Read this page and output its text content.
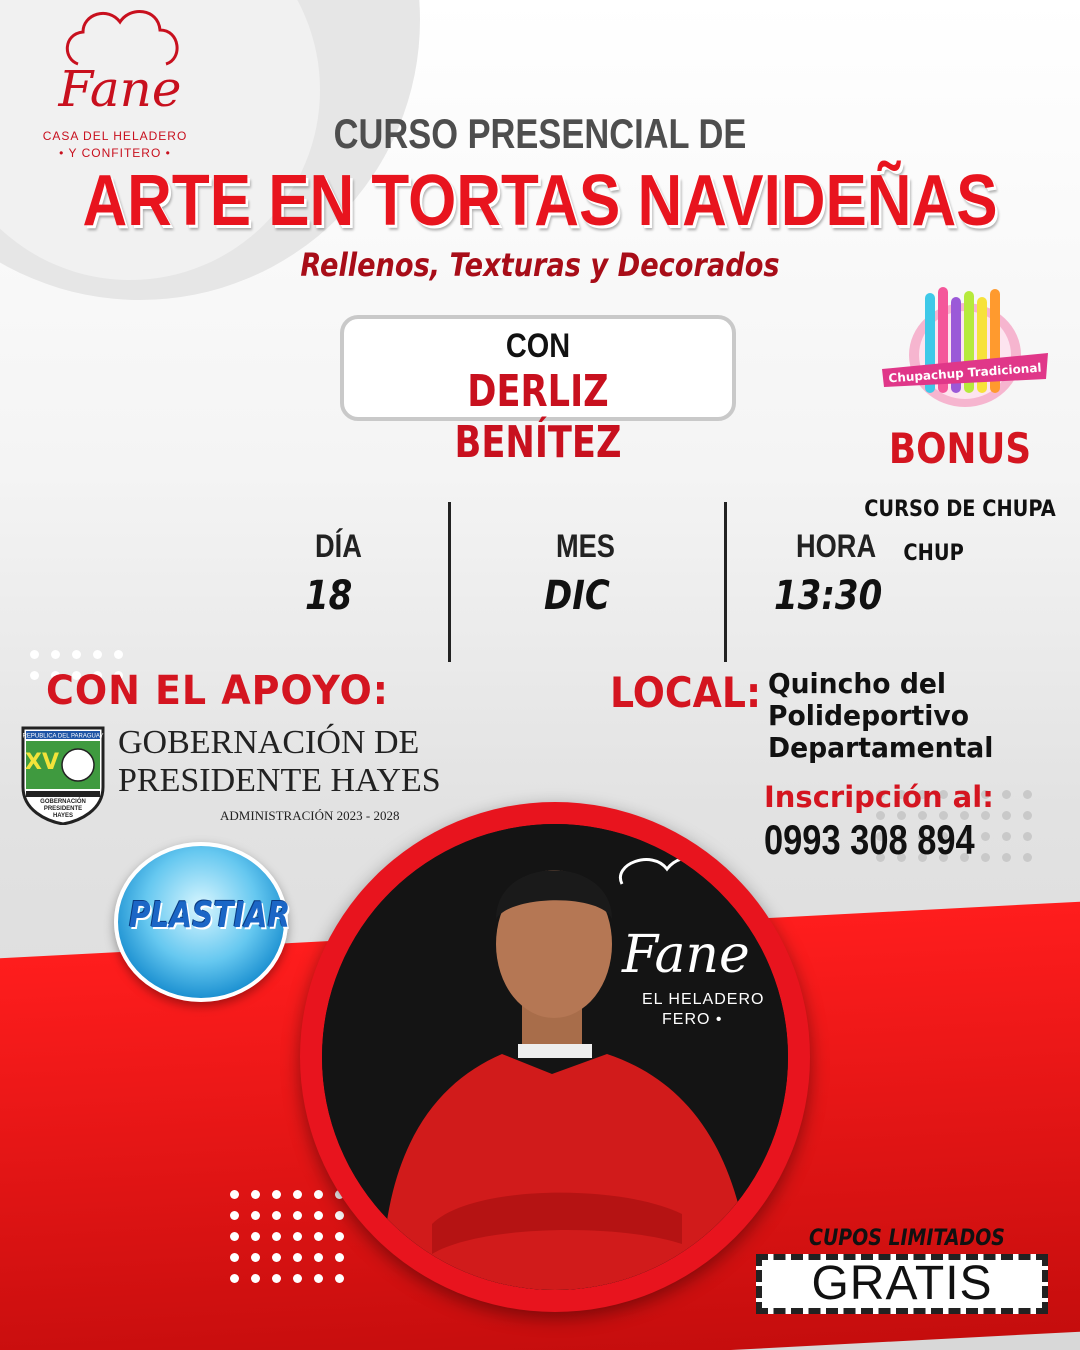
Fane
CASA DEL HELADERO
• Y CONFITERO •	CURSO PRESENCIAL DE
ARTE EN TORTAS NAVIDEÑAS
Rellenos, Texturas y Decorados
CON
DERLIZ BENÍTEZ
Chupachup Tradicional
BONUS
CURSO DE CHUPA
CHUP
DÍA
18
MES
DIC
HORA
13:30
CON EL APOYO:
REPUBLICA DEL PARAGUAY
XV
GOBERNACIÓN
PRESIDENTE
HAYES
GOBERNACIÓN DE
PRESIDENTE HAYES
ADMINISTRACIÓN 2023 - 2028
LOCAL: Quincho del
Polideportivo
Departamental
Inscripción al:
0993 308 894
PLASTIAR
Fane
EL HELADERO
FERO •
CUPOS LIMITADOS
GRATIS
